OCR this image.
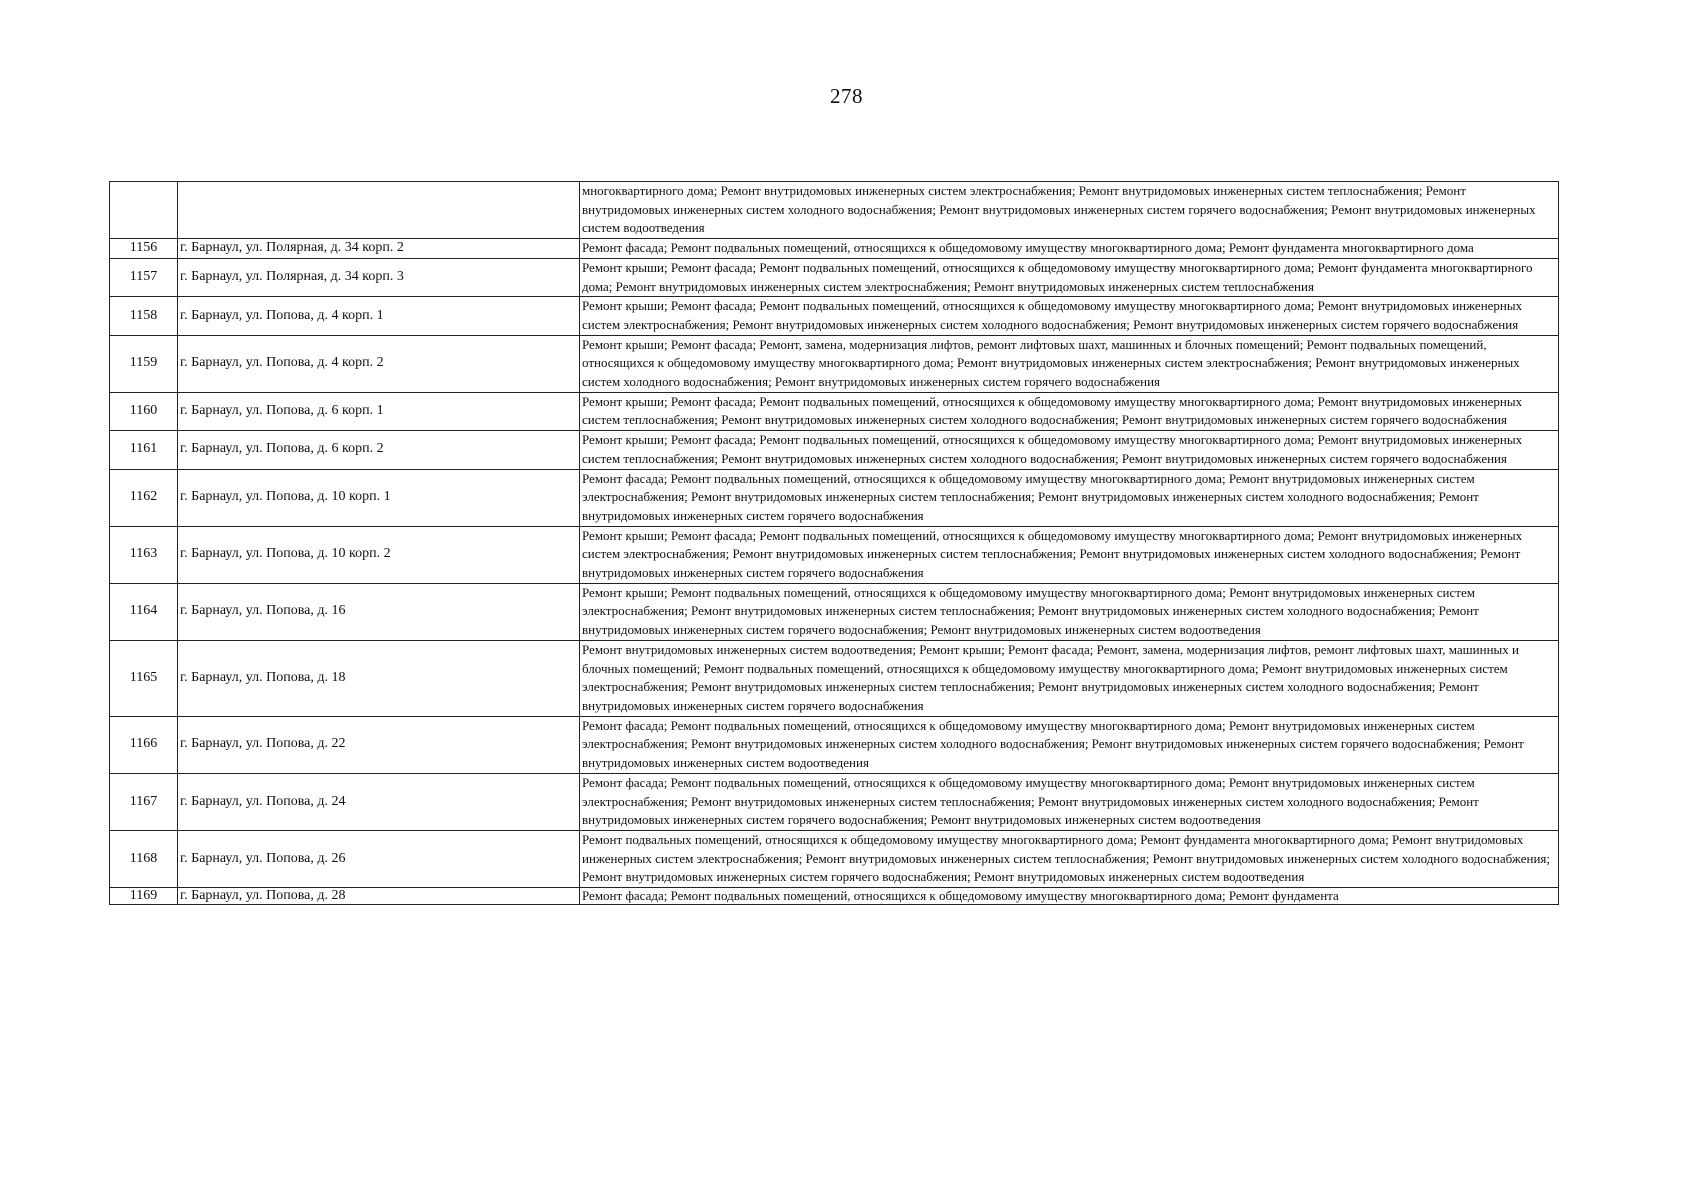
278
		многоквартирного дома; Ремонт внутридомовых инженерных систем электроснабжения; Ремонт внутридомовых инженерных систем теплоснабжения; Ремонт внутридомовых инженерных систем холодного водоснабжения; Ремонт внутридомовых инженерных систем горячего водоснабжения; Ремонт внутридомовых инженерных систем водоотведения
1156	г. Барнаул, ул. Полярная, д. 34 корп. 2	Ремонт фасада; Ремонт подвальных помещений, относящихся к общедомовому имуществу многоквартирного дома; Ремонт фундамента многоквартирного дома
1157	г. Барнаул, ул. Полярная, д. 34 корп. 3	Ремонт крыши; Ремонт фасада; Ремонт подвальных помещений, относящихся к общедомовому имуществу многоквартирного дома; Ремонт фундамента многоквартирного дома; Ремонт внутридомовых инженерных систем электроснабжения; Ремонт внутридомовых инженерных систем теплоснабжения
1158	г. Барнаул, ул. Попова, д. 4 корп. 1	Ремонт крыши; Ремонт фасада; Ремонт подвальных помещений, относящихся к общедомовому имуществу многоквартирного дома; Ремонт внутридомовых инженерных систем электроснабжения; Ремонт внутридомовых инженерных систем холодного водоснабжения; Ремонт внутридомовых инженерных систем горячего водоснабжения
1159	г. Барнаул, ул. Попова, д. 4 корп. 2	Ремонт крыши; Ремонт фасада; Ремонт, замена, модернизация лифтов, ремонт лифтовых шахт, машинных и блочных помещений; Ремонт подвальных помещений, относящихся к общедомовому имуществу многоквартирного дома; Ремонт внутридомовых инженерных систем электроснабжения; Ремонт внутридомовых инженерных систем холодного водоснабжения; Ремонт внутридомовых инженерных систем горячего водоснабжения
1160	г. Барнаул, ул. Попова, д. 6 корп. 1	Ремонт крыши; Ремонт фасада; Ремонт подвальных помещений, относящихся к общедомовому имуществу многоквартирного дома; Ремонт внутридомовых инженерных систем теплоснабжения; Ремонт внутридомовых инженерных систем холодного водоснабжения; Ремонт внутридомовых инженерных систем горячего водоснабжения
1161	г. Барнаул, ул. Попова, д. 6 корп. 2	Ремонт крыши; Ремонт фасада; Ремонт подвальных помещений, относящихся к общедомовому имуществу многоквартирного дома; Ремонт внутридомовых инженерных систем теплоснабжения; Ремонт внутридомовых инженерных систем холодного водоснабжения; Ремонт внутридомовых инженерных систем горячего водоснабжения
1162	г. Барнаул, ул. Попова, д. 10 корп. 1	Ремонт фасада; Ремонт подвальных помещений, относящихся к общедомовому имуществу многоквартирного дома; Ремонт внутридомовых инженерных систем электроснабжения; Ремонт внутридомовых инженерных систем теплоснабжения; Ремонт внутридомовых инженерных систем холодного водоснабжения; Ремонт внутридомовых инженерных систем горячего водоснабжения
1163	г. Барнаул, ул. Попова, д. 10 корп. 2	Ремонт крыши; Ремонт фасада; Ремонт подвальных помещений, относящихся к общедомовому имуществу многоквартирного дома; Ремонт внутридомовых инженерных систем электроснабжения; Ремонт внутридомовых инженерных систем теплоснабжения; Ремонт внутридомовых инженерных систем холодного водоснабжения; Ремонт внутридомовых инженерных систем горячего водоснабжения
1164	г. Барнаул, ул. Попова, д. 16	Ремонт крыши; Ремонт подвальных помещений, относящихся к общедомовому имуществу многоквартирного дома; Ремонт внутридомовых инженерных систем электроснабжения; Ремонт внутридомовых инженерных систем теплоснабжения; Ремонт внутридомовых инженерных систем холодного водоснабжения; Ремонт внутридомовых инженерных систем горячего водоснабжения; Ремонт внутридомовых инженерных систем водоотведения
1165	г. Барнаул, ул. Попова, д. 18	Ремонт внутридомовых инженерных систем водоотведения; Ремонт крыши; Ремонт фасада; Ремонт, замена, модернизация лифтов, ремонт лифтовых шахт, машинных и блочных помещений; Ремонт подвальных помещений, относящихся к общедомовому имуществу многоквартирного дома; Ремонт внутридомовых инженерных систем электроснабжения; Ремонт внутридомовых инженерных систем теплоснабжения; Ремонт внутридомовых инженерных систем холодного водоснабжения; Ремонт внутридомовых инженерных систем горячего водоснабжения
1166	г. Барнаул, ул. Попова, д. 22	Ремонт фасада; Ремонт подвальных помещений, относящихся к общедомовому имуществу многоквартирного дома; Ремонт внутридомовых инженерных систем электроснабжения; Ремонт внутридомовых инженерных систем холодного водоснабжения; Ремонт внутридомовых инженерных систем горячего водоснабжения; Ремонт внутридомовых инженерных систем водоотведения
1167	г. Барнаул, ул. Попова, д. 24	Ремонт фасада; Ремонт подвальных помещений, относящихся к общедомовому имуществу многоквартирного дома; Ремонт внутридомовых инженерных систем электроснабжения; Ремонт внутридомовых инженерных систем теплоснабжения; Ремонт внутридомовых инженерных систем холодного водоснабжения; Ремонт внутридомовых инженерных систем горячего водоснабжения; Ремонт внутридомовых инженерных систем водоотведения
1168	г. Барнаул, ул. Попова, д. 26	Ремонт подвальных помещений, относящихся к общедомовому имуществу многоквартирного дома; Ремонт фундамента многоквартирного дома; Ремонт внутридомовых инженерных систем электроснабжения; Ремонт внутридомовых инженерных систем теплоснабжения; Ремонт внутридомовых инженерных систем холодного водоснабжения; Ремонт внутридомовых инженерных систем горячего водоснабжения; Ремонт внутридомовых инженерных систем водоотведения
1169	г. Барнаул, ул. Попова, д. 28	Ремонт фасада; Ремонт подвальных помещений, относящихся к общедомовому имуществу многоквартирного дома; Ремонт фундамента
